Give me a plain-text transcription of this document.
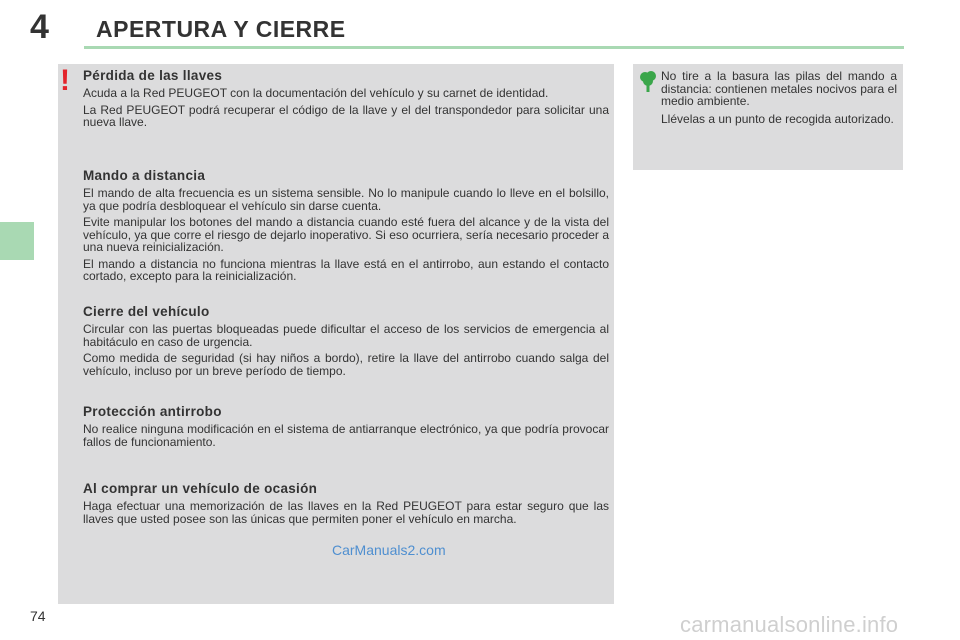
4 APERTURA Y CIERRE
! Pérdida de las llaves

Acuda a la Red PEUGEOT con la documentación del vehículo y su carnet de identidad.

La Red PEUGEOT podrá recuperar el código de la llave y el del transpondedor para solicitar una nueva llave.

Mando a distancia

El mando de alta frecuencia es un sistema sensible. No lo manipule cuando lo lleve en el bolsillo, ya que podría desbloquear el vehículo sin darse cuenta.

Evite manipular los botones del mando a distancia cuando esté fuera del alcance y de la vista del vehículo, ya que corre el riesgo de dejarlo inoperativo. Si eso ocurriera, sería necesario proceder a una nueva reinicialización.

El mando a distancia no funciona mientras la llave está en el antirrobo, aun estando el contacto cortado, excepto para la reinicialización.

Cierre del vehículo

Circular con las puertas bloqueadas puede dificultar el acceso de los servicios de emergencia al habitáculo en caso de urgencia.

Como medida de seguridad (si hay niños a bordo), retire la llave del antirrobo cuando salga del vehículo, incluso por un breve período de tiempo.

Protección antirrobo

No realice ninguna modificación en el sistema de antiarranque electrónico, ya que podría provocar fallos de funcionamiento.

Al comprar un vehículo de ocasión

Haga efectuar una memorización de las llaves en la Red PEUGEOT para estar seguro que las llaves que usted posee son las únicas que permiten poner el vehículo en marcha.

CarManuals2.com

No tire a la basura las pilas del mando a distancia: contienen metales nocivos para el medio ambiente.

Llévelas a un punto de recogida autorizado.

74	carmanualsonline.info
